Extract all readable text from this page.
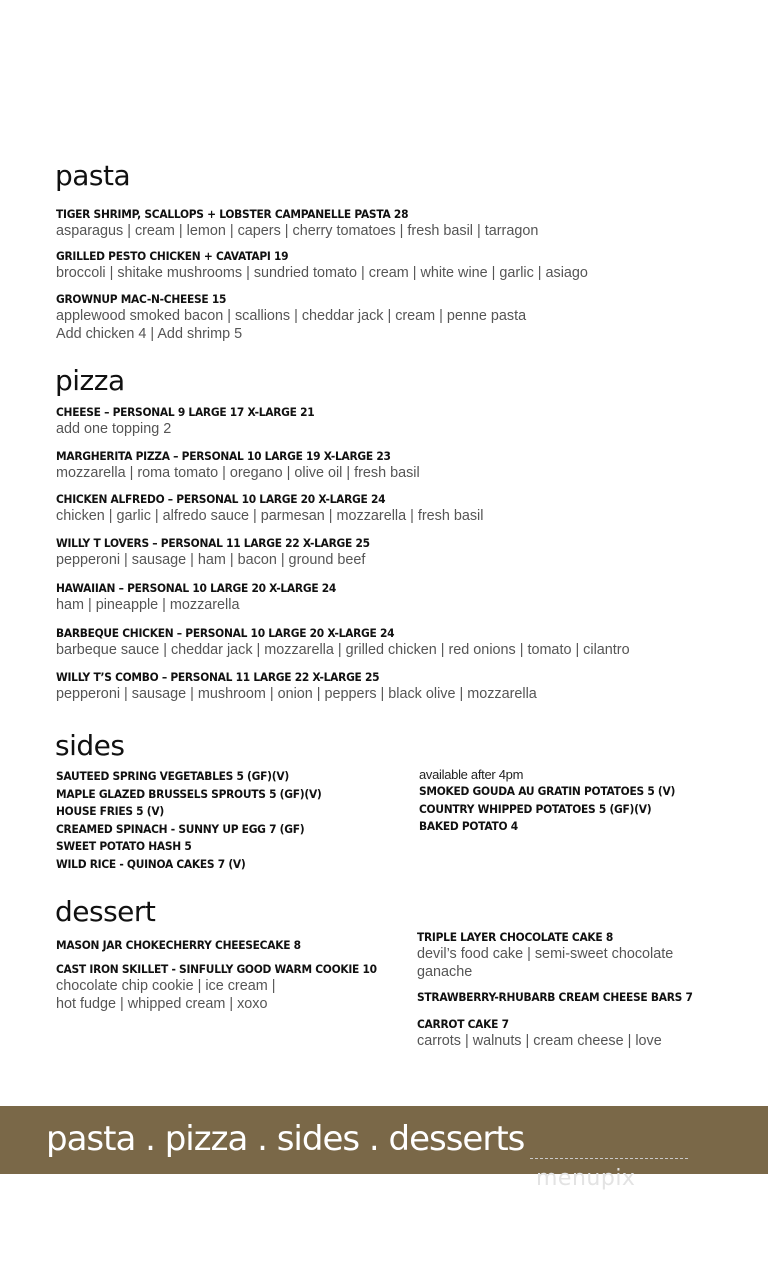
pasta
TIGER SHRIMP, SCALLOPS + LOBSTER CAMPANELLE PASTA 28
asparagus | cream | lemon | capers | cherry tomatoes | fresh basil | tarragon
GRILLED PESTO CHICKEN + CAVATAPI 19
broccoli | shitake mushrooms | sundried tomato | cream | white wine | garlic | asiago
GROWNUP MAC-N-CHEESE 15
applewood smoked bacon | scallions | cheddar jack | cream | penne pasta
Add chicken 4 | Add shrimp 5
pizza
CHEESE – PERSONAL 9 LARGE 17 X-LARGE 21
add one topping 2
MARGHERITA PIZZA – PERSONAL 10 LARGE 19 X-LARGE 23
mozzarella | roma tomato | oregano | olive oil | fresh basil
CHICKEN ALFREDO – PERSONAL 10 LARGE 20 X-LARGE 24
chicken | garlic | alfredo sauce | parmesan | mozzarella | fresh basil
WILLY T LOVERS – PERSONAL 11 LARGE 22 X-LARGE 25
pepperoni | sausage | ham | bacon | ground beef
HAWAIIAN – PERSONAL 10 LARGE 20 X-LARGE 24
ham | pineapple | mozzarella
BARBEQUE CHICKEN – PERSONAL 10 LARGE 20 X-LARGE 24
barbeque sauce | cheddar jack | mozzarella | grilled chicken | red onions | tomato | cilantro
WILLY T’S COMBO – PERSONAL 11 LARGE 22 X-LARGE 25
pepperoni | sausage | mushroom | onion | peppers | black olive | mozzarella
sides
SAUTEED SPRING VEGETABLES 5 (GF)(V)
MAPLE GLAZED BRUSSELS SPROUTS 5 (GF)(V)
HOUSE FRIES 5 (V)
CREAMED SPINACH - SUNNY UP EGG 7 (GF)
SWEET POTATO HASH 5
WILD RICE - QUINOA CAKES 7 (V)
available after 4pm
SMOKED GOUDA AU GRATIN POTATOES 5 (V)
COUNTRY WHIPPED POTATOES 5 (GF)(V)
BAKED POTATO 4
dessert
MASON JAR CHOKECHERRY CHEESECAKE 8
CAST IRON SKILLET - SINFULLY GOOD WARM COOKIE 10
chocolate chip cookie | ice cream |
hot fudge | whipped cream | xoxo
TRIPLE LAYER CHOCOLATE CAKE 8
devil’s food cake | semi-sweet chocolate
ganache
STRAWBERRY-RHUBARB CREAM CHEESE BARS 7
CARROT CAKE 7
carrots | walnuts | cream cheese | love
pasta . pizza . sides . desserts
menupix
